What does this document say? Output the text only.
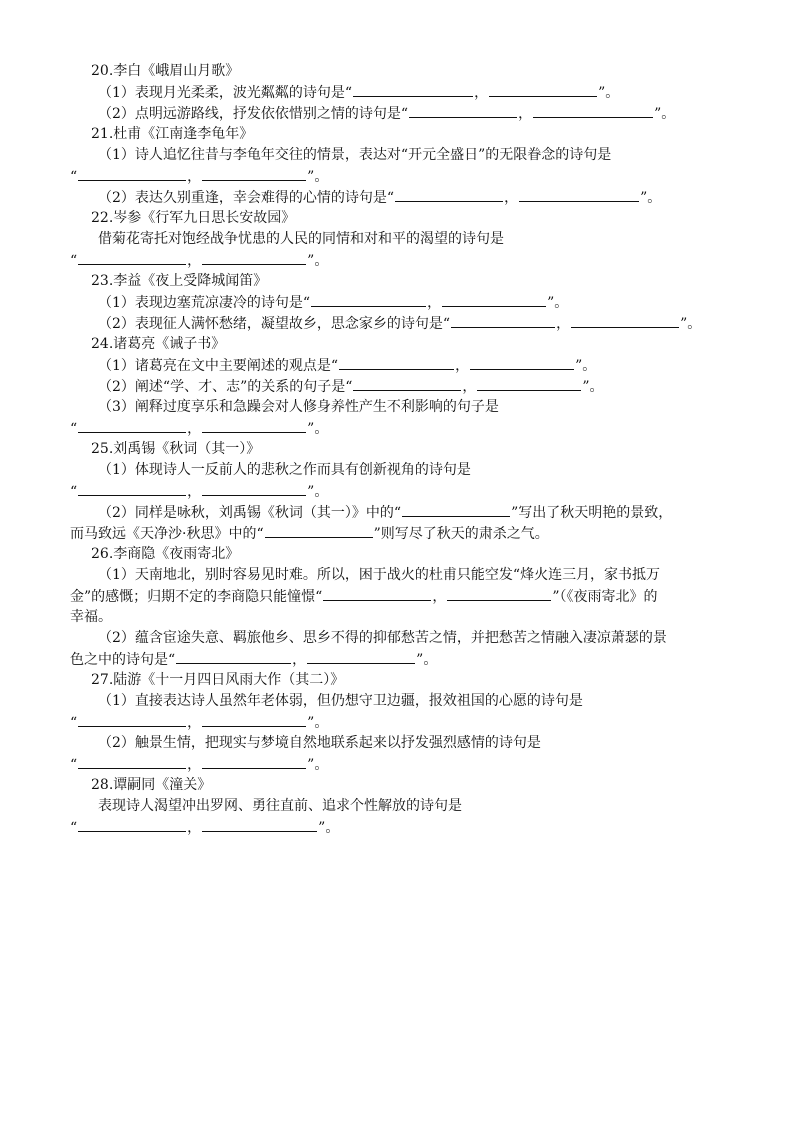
20.李白《峨眉山月歌》
（1）表现月光柔柔，波光粼粼的诗句是“	，	”。
（2）点明远游路线，抒发依依惜别之情的诗句是“	，	”。
21.杜甫《江南逢李龟年》
（1）诗人追忆往昔与李龟年交往的情景，表达对“开元全盛日”的无限眷念的诗句是
“	，	”。
（2）表达久别重逢，幸会难得的心情的诗句是“	，	”。
22.岑参《行军九日思长安故园》
借菊花寄托对饱经战争忧患的人民的同情和对和平的渴望的诗句是
“	，	”。
23.李益《夜上受降城闻笛》
（1）表现边塞荒凉凄冷的诗句是“	，	”。
（2）表现征人满怀愁绪，凝望故乡，思念家乡的诗句是“	，	”。
24.诸葛亮《诫子书》
（1）诸葛亮在文中主要阐述的观点是“	，	”。
（2）阐述“学、才、志”的关系的句子是“	，	”。
（3）阐释过度享乐和急躁会对人修身养性产生不利影响的句子是
“	，	”。
25.刘禹锡《秋词（其一）》
（1）体现诗人一反前人的悲秋之作而具有创新视角的诗句是
“	，	”。
（2）同样是咏秋，刘禹锡《秋词（其一）》中的“	”写出了秋天明艳的景致，
而马致远《天净沙·秋思》中的“	”则写尽了秋天的肃杀之气。
26.李商隐《夜雨寄北》
（1）天南地北，别时容易见时难。所以，困于战火的杜甫只能空发“烽火连三月，家书抵万
金”的感慨；归期不定的李商隐只能憧憬“	，	”（《夜雨寄北》的
幸福。
（2）蕴含宦途失意、羁旅他乡、思乡不得的抑郁愁苦之情，并把愁苦之情融入凄凉萧瑟的景
色之中的诗句是“	，	”。
27.陆游《十一月四日风雨大作（其二）》
（1）直接表达诗人虽然年老体弱，但仍想守卫边疆，报效祖国的心愿的诗句是
“	，	”。
（2）触景生情，把现实与梦境自然地联系起来以抒发强烈感情的诗句是
“	，	”。
28.谭嗣同《潼关》
表现诗人渴望冲出罗网、勇往直前、追求个性解放的诗句是
“	，	”。
